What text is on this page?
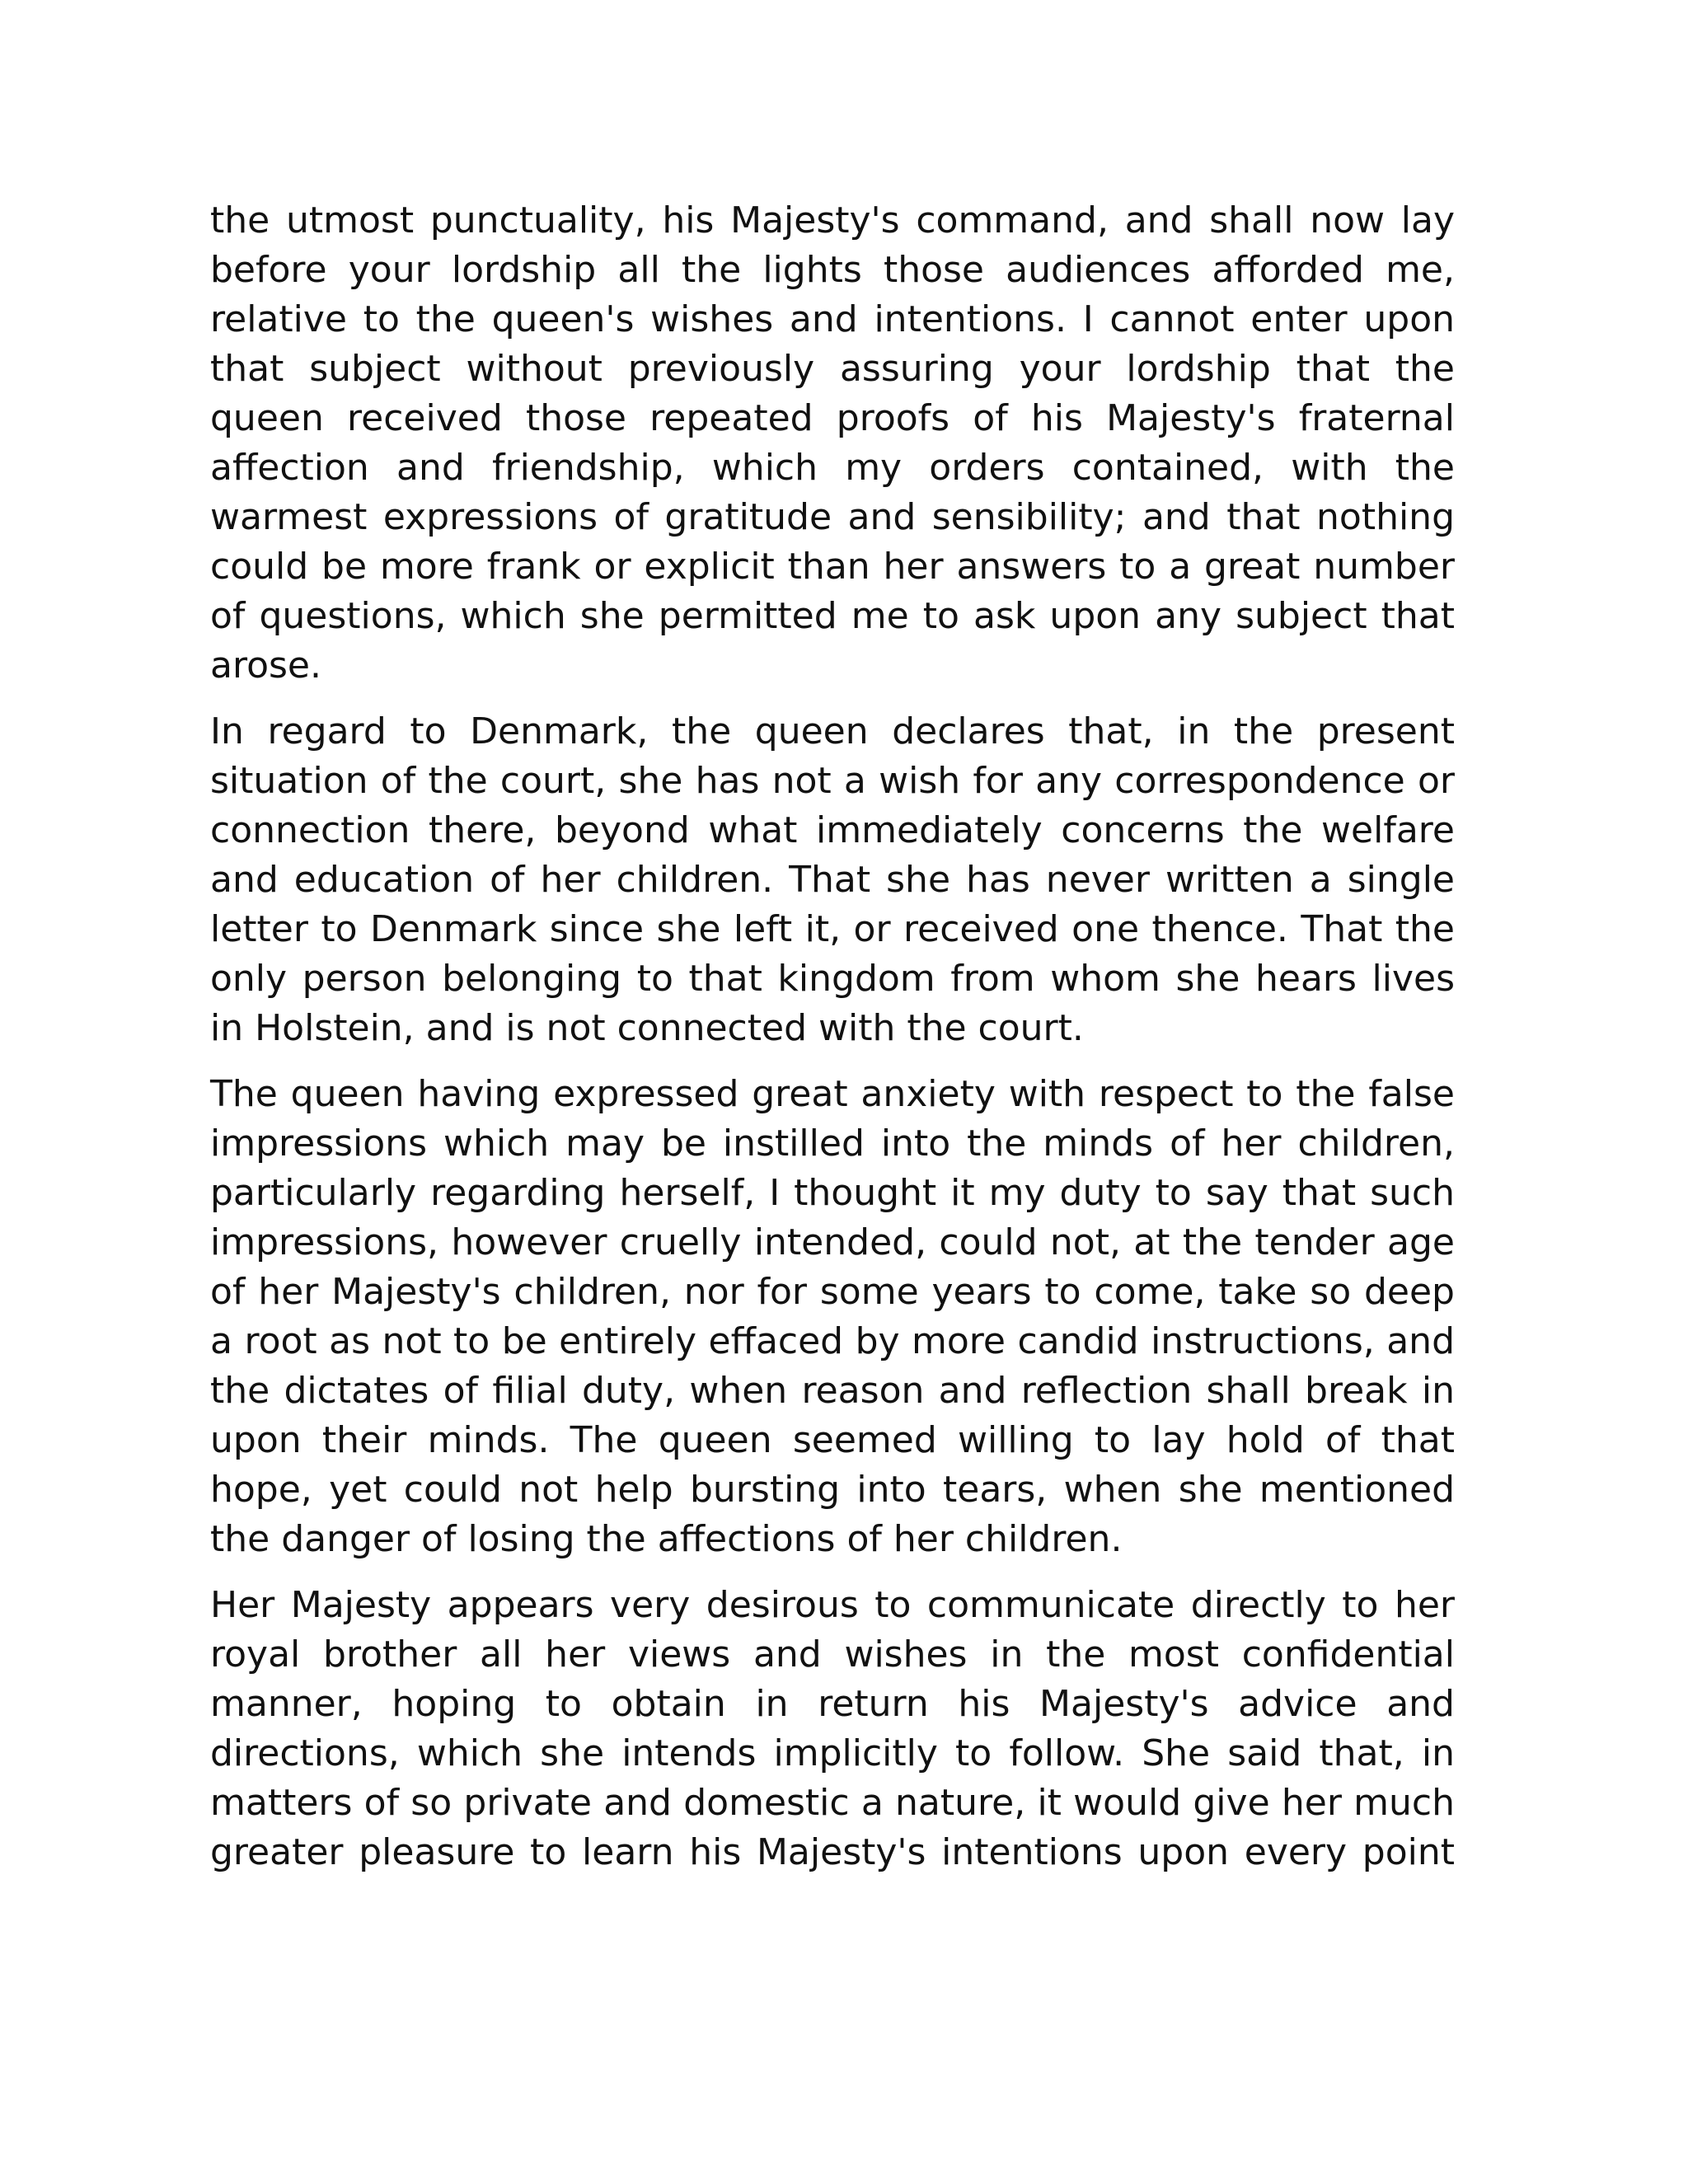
the utmost punctuality, his Majesty's command, and shall now lay before your lordship all the lights those audiences afforded me, relative to the queen's wishes and intentions. I cannot enter upon that subject without previously assuring your lordship that the queen received those repeated proofs of his Majesty's fraternal affection and friendship, which my orders contained, with the warmest expressions of gratitude and sensibility; and that nothing could be more frank or explicit than her answers to a great number of questions, which she permitted me to ask upon any subject that arose.

In regard to Denmark, the queen declares that, in the present situation of the court, she has not a wish for any correspondence or connection there, beyond what immediately concerns the welfare and education of her children. That she has never written a single letter to Denmark since she left it, or received one thence. That the only person belonging to that kingdom from whom she hears lives in Holstein, and is not connected with the court.

The queen having expressed great anxiety with respect to the false impressions which may be instilled into the minds of her children, particularly regarding herself, I thought it my duty to say that such impressions, however cruelly intended, could not, at the tender age of her Majesty's children, nor for some years to come, take so deep a root as not to be entirely effaced by more candid instructions, and the dictates of filial duty, when reason and reflection shall break in upon their minds. The queen seemed willing to lay hold of that hope, yet could not help bursting into tears, when she mentioned the danger of losing the affections of her children.

Her Majesty appears very desirous to communicate directly to her royal brother all her views and wishes in the most confidential manner, hoping to obtain in return his Majesty's advice and directions, which she intends implicitly to follow. She said that, in matters of so private and domestic a nature, it would give her much greater pleasure to learn his Majesty's intentions upon every point
